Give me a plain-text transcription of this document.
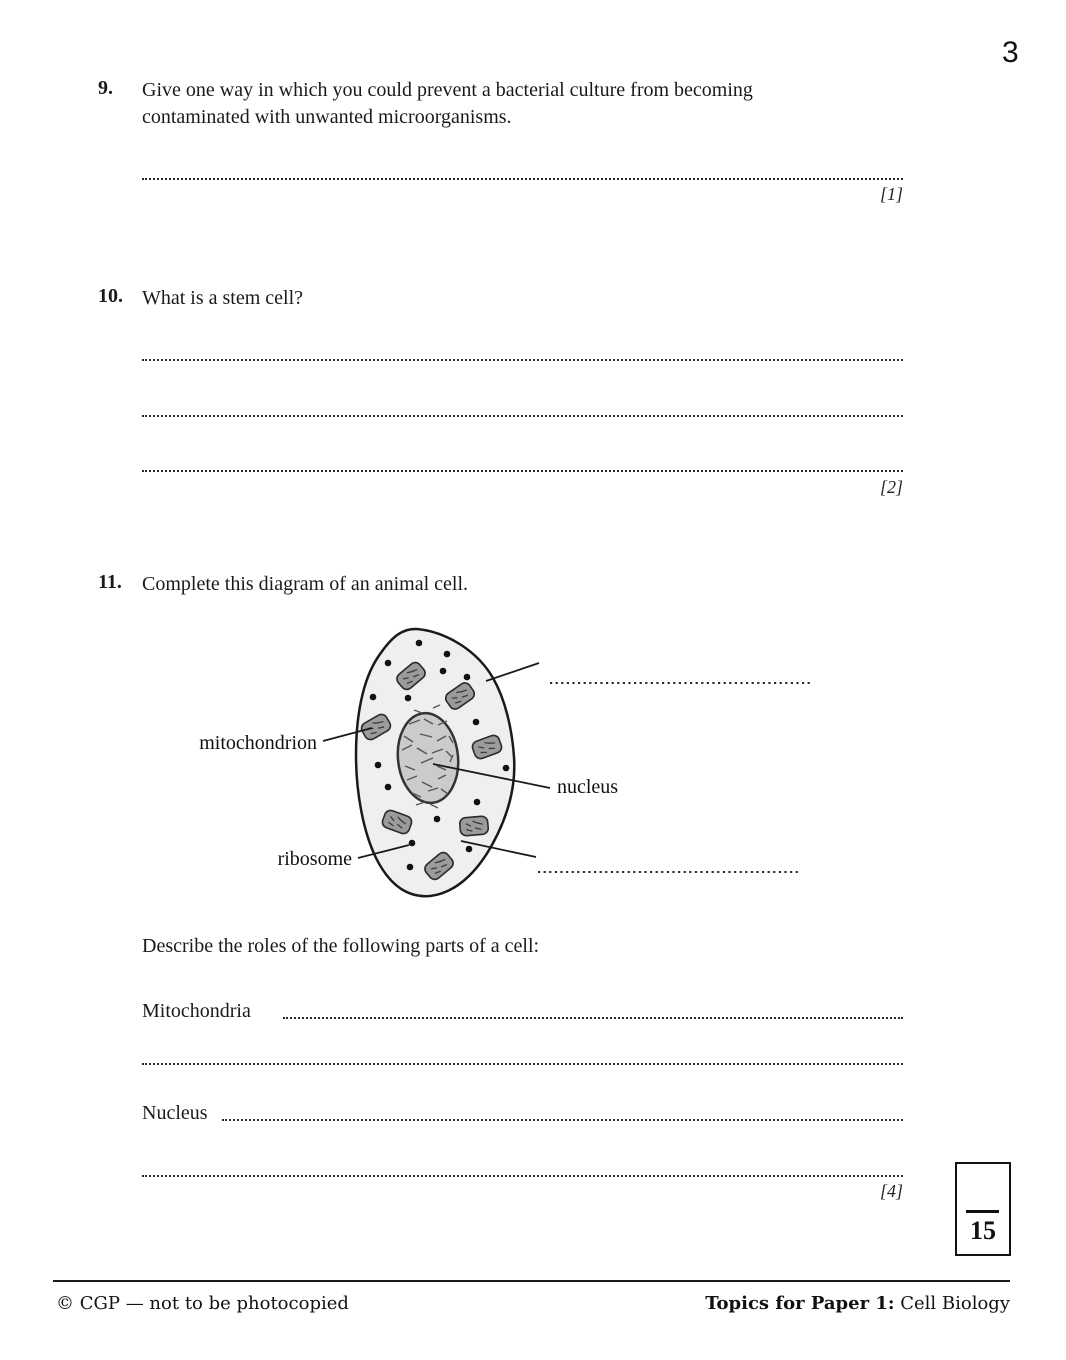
3
9. Give one way in which you could prevent a bacterial culture from becoming contaminated with unwanted microorganisms.
[1]
10. What is a stem cell?
[2]
11. Complete this diagram of an animal cell.
mitochondrion
nucleus
ribosome
Describe the roles of the following parts of a cell:
Mitochondria
Nucleus
[4]
15
© CGP — not to be photocopied	Topics for Paper 1: Cell Biology
